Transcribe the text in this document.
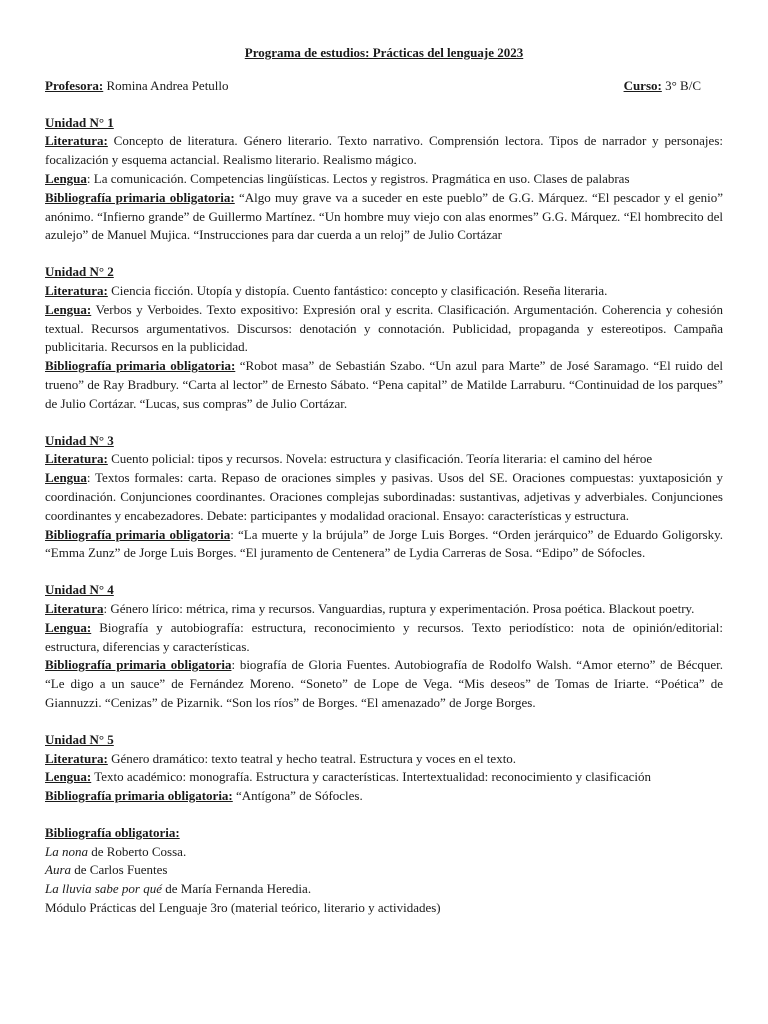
Programa de estudios: Prácticas del lenguaje 2023
Profesora: Romina Andrea Petullo	Curso: 3° B/C
Unidad N° 1
Literatura: Concepto de literatura. Género literario. Texto narrativo. Comprensión lectora. Tipos de narrador y personajes: focalización y esquema actancial. Realismo literario. Realismo mágico.
Lengua: La comunicación. Competencias lingüísticas. Lectos y registros. Pragmática en uso. Clases de palabras
Bibliografía primaria obligatoria: “Algo muy grave va a suceder en este pueblo” de G.G. Márquez. “El pescador y el genio” anónimo. “Infierno grande” de Guillermo Martínez. “Un hombre muy viejo con alas enormes” G.G. Márquez. “El hombrecito del azulejo” de Manuel Mujica. “Instrucciones para dar cuerda a un reloj” de Julio Cortázar
Unidad N° 2
Literatura: Ciencia ficción. Utopía y distopía. Cuento fantástico: concepto y clasificación. Reseña literaria.
Lengua: Verbos y Verboides. Texto expositivo: Expresión oral y escrita. Clasificación. Argumentación. Coherencia y cohesión textual. Recursos argumentativos. Discursos: denotación y connotación. Publicidad, propaganda y estereotipos. Campaña publicitaria. Recursos en la publicidad.
Bibliografía primaria obligatoria: “Robot masa” de Sebastián Szabo. “Un azul para Marte” de José Saramago. “El ruido del trueno” de Ray Bradbury. “Carta al lector” de Ernesto Sábato. “Pena capital” de Matilde Larraburu. “Continuidad de los parques” de Julio Cortázar. “Lucas, sus compras” de Julio Cortázar.
Unidad N° 3
Literatura: Cuento policial: tipos y recursos. Novela: estructura y clasificación. Teoría literaria: el camino del héroe
Lengua: Textos formales: carta. Repaso de oraciones simples y pasivas. Usos del SE. Oraciones compuestas: yuxtaposición y coordinación. Conjunciones coordinantes. Oraciones complejas subordinadas: sustantivas, adjetivas y adverbiales. Conjunciones coordinantes y encabezadores. Debate: participantes y modalidad oracional. Ensayo: características y estructura.
Bibliografía primaria obligatoria: “La muerte y la brújula” de Jorge Luis Borges. “Orden jerárquico” de Eduardo Goligorsky. “Emma Zunz” de Jorge Luis Borges. “El juramento de Centenera” de Lydia Carreras de Sosa. “Edipo” de Sófocles.
Unidad N° 4
Literatura: Género lírico: métrica, rima y recursos. Vanguardias, ruptura y experimentación. Prosa poética. Blackout poetry.
Lengua: Biografía y autobiografía: estructura, reconocimiento y recursos. Texto periodístico: nota de opinión/editorial: estructura, diferencias y características.
Bibliografía primaria obligatoria: biografía de Gloria Fuentes. Autobiografía de Rodolfo Walsh. “Amor eterno” de Bécquer. “Le digo a un sauce” de Fernández Moreno. “Soneto” de Lope de Vega. “Mis deseos” de Tomas de Iriarte. “Poética” de Giannuzzi. “Cenizas” de Pizarnik. “Son los ríos” de Borges. “El amenazado” de Jorge Borges.
Unidad N° 5
Literatura: Género dramático: texto teatral y hecho teatral. Estructura y voces en el texto.
Lengua: Texto académico: monografía. Estructura y características. Intertextualidad: reconocimiento y clasificación
Bibliografía primaria obligatoria: “Antígona” de Sófocles.
Bibliografía obligatoria:
La nona de Roberto Cossa.
Aura de Carlos Fuentes
La lluvia sabe por qué de María Fernanda Heredia.
Módulo Prácticas del Lenguaje 3ro (material teórico, literario y actividades)
